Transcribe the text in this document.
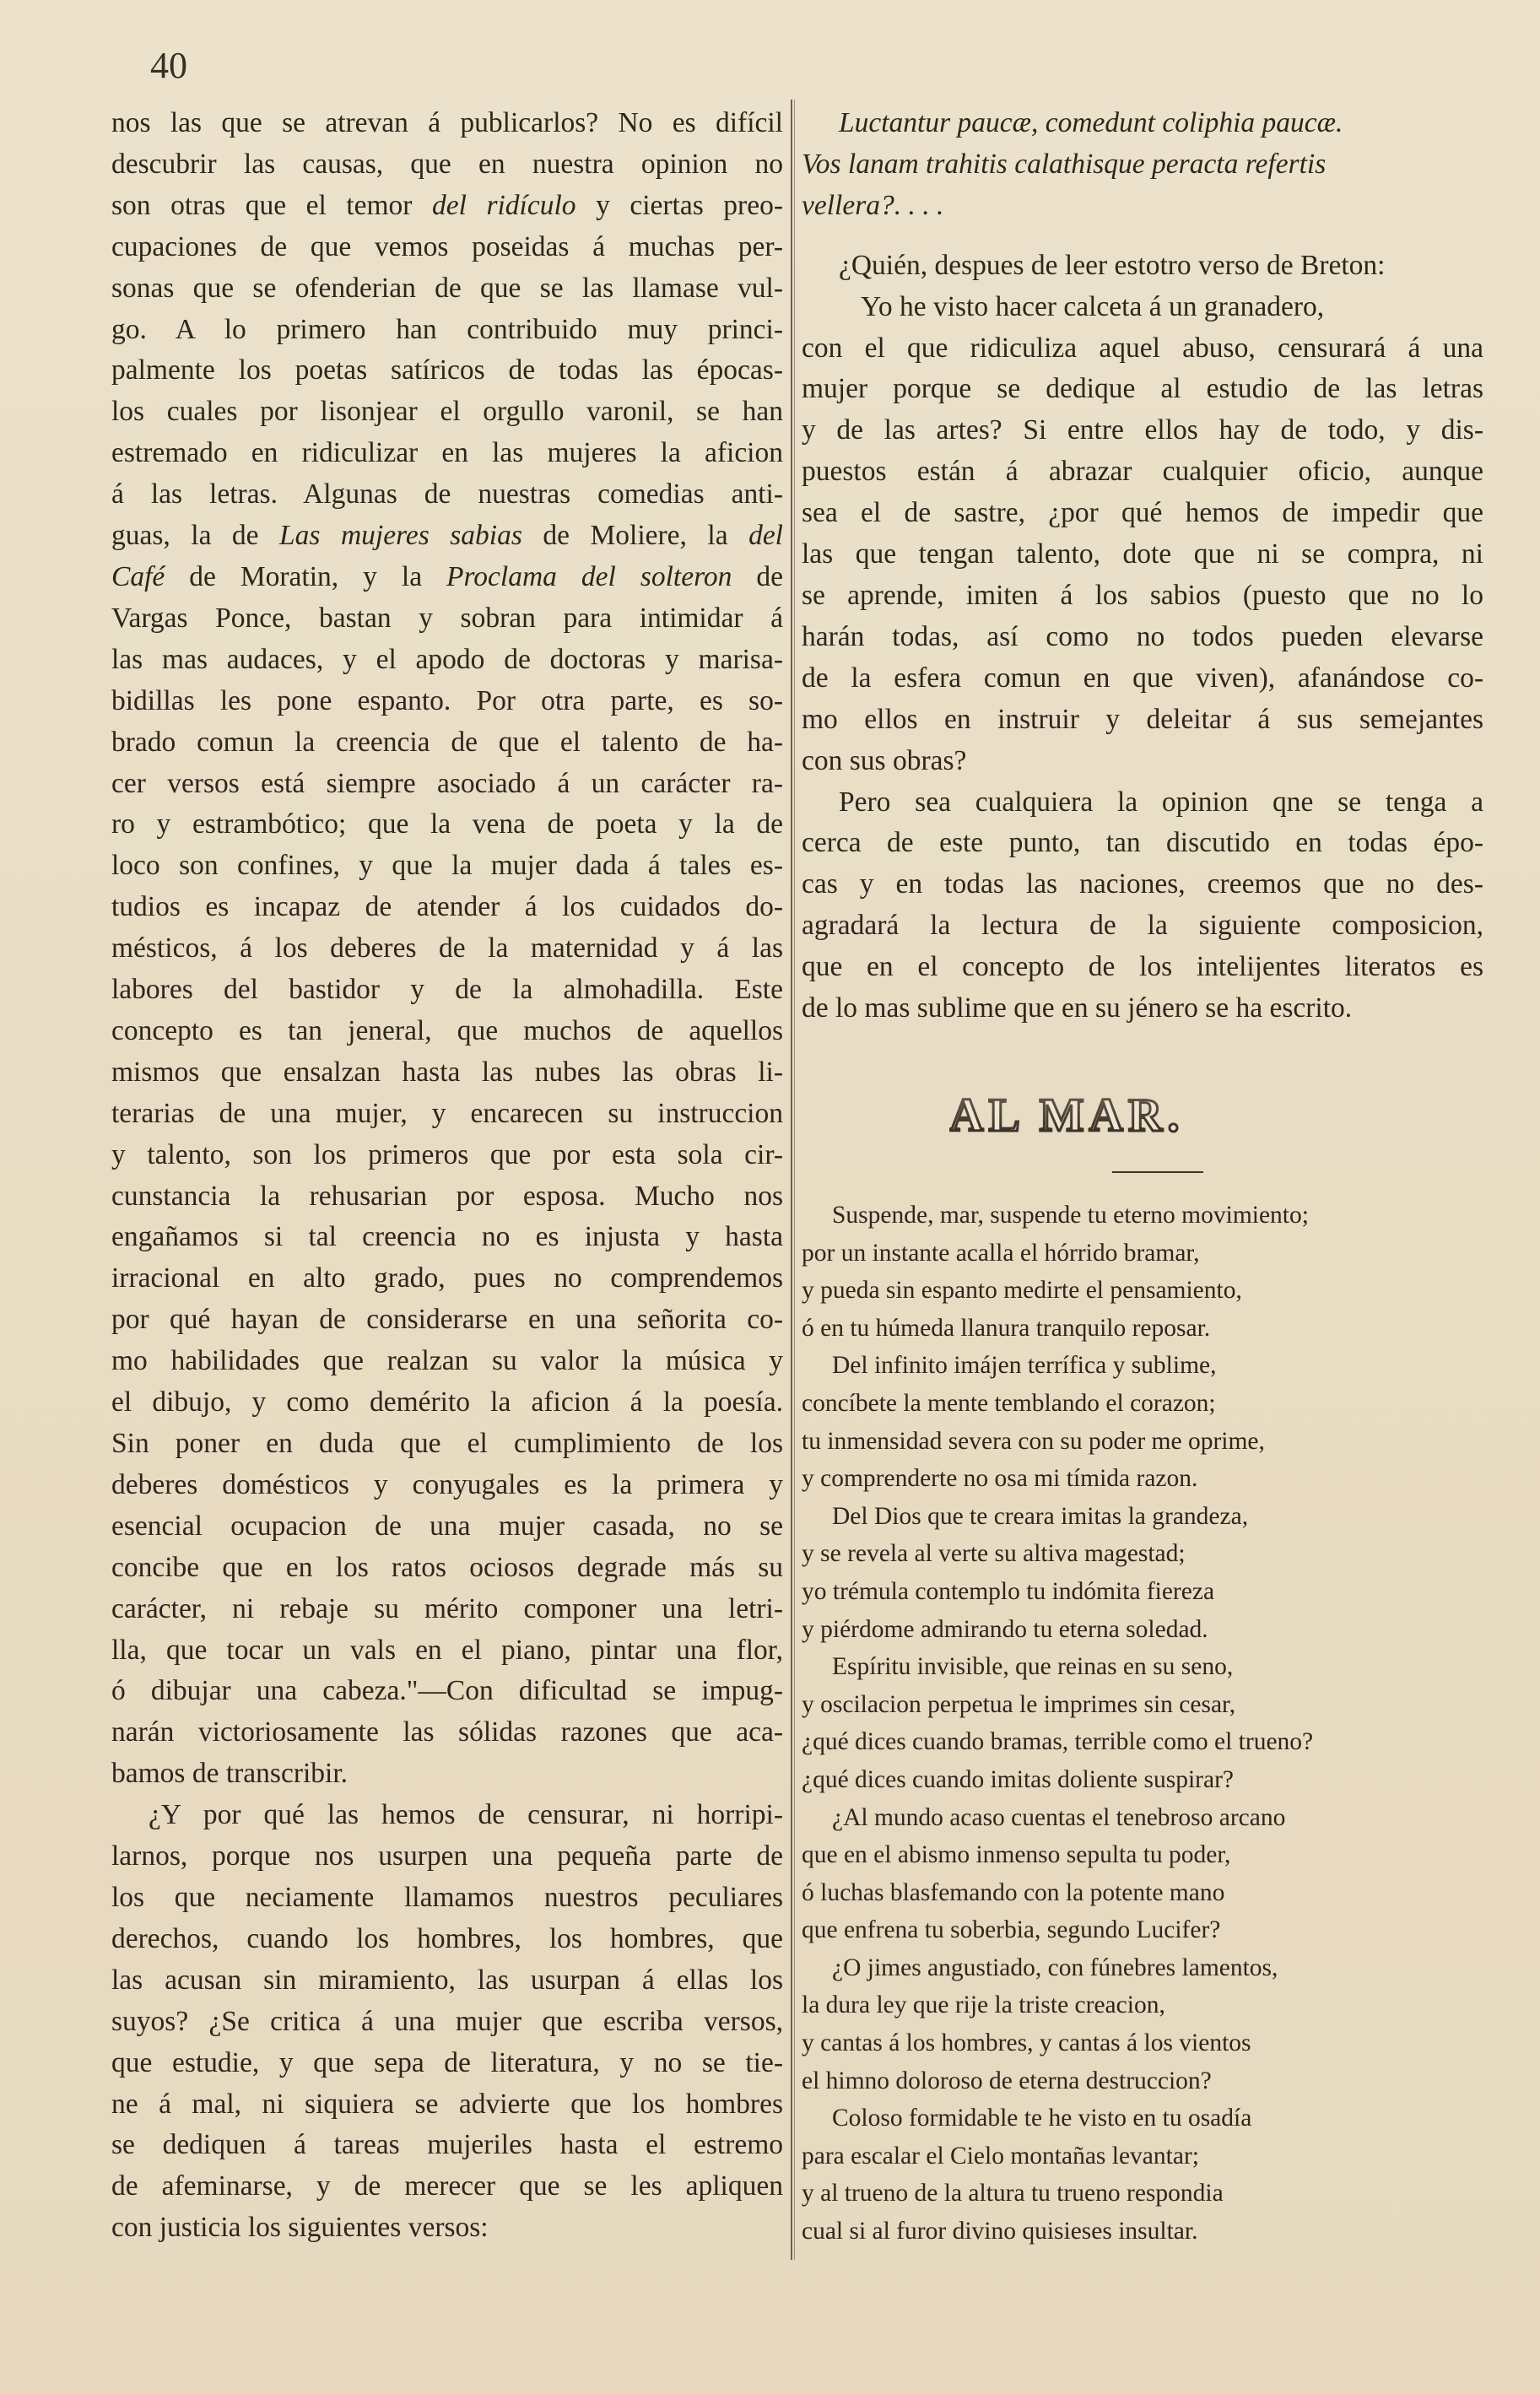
40
nos las que se atrevan á publicarlos? No es difícil
descubrir las causas, que en nuestra opinion no
son otras que el temor del ridículo y ciertas preo-
cupaciones de que vemos poseidas á muchas per-
sonas que se ofenderian de que se las llamase vul-
go. A lo primero han contribuido muy princi-
palmente los poetas satíricos de todas las épocas-
los cuales por lisonjear el orgullo varonil, se han
estremado en ridiculizar en las mujeres la aficion
á las letras. Algunas de nuestras comedias anti-
guas, la de Las mujeres sabias de Moliere, la del
Café de Moratin, y la Proclama del solteron de
Vargas Ponce, bastan y sobran para intimidar á
las mas audaces, y el apodo de doctoras y marisa-
bidillas les pone espanto. Por otra parte, es so-
brado comun la creencia de que el talento de ha-
cer versos está siempre asociado á un carácter ra-
ro y estrambótico; que la vena de poeta y la de
loco son confines, y que la mujer dada á tales es-
tudios es incapaz de atender á los cuidados do-
mésticos, á los deberes de la maternidad y á las
labores del bastidor y de la almohadilla. Este
concepto es tan jeneral, que muchos de aquellos
mismos que ensalzan hasta las nubes las obras li-
terarias de una mujer, y encarecen su instruccion
y talento, son los primeros que por esta sola cir-
cunstancia la rehusarian por esposa. Mucho nos
engañamos si tal creencia no es injusta y hasta
irracional en alto grado, pues no comprendemos
por qué hayan de considerarse en una señorita co-
mo habilidades que realzan su valor la música y
el dibujo, y como demérito la aficion á la poesía.
Sin poner en duda que el cumplimiento de los
deberes domésticos y conyugales es la primera y
esencial ocupacion de una mujer casada, no se
concibe que en los ratos ociosos degrade más su
carácter, ni rebaje su mérito componer una letri-
lla, que tocar un vals en el piano, pintar una flor,
ó dibujar una cabeza."—Con dificultad se impug-
narán victoriosamente las sólidas razones que aca-
bamos de transcribir.
¿Y por qué las hemos de censurar, ni horripi-
larnos, porque nos usurpen una pequeña parte de
los que neciamente llamamos nuestros peculiares
derechos, cuando los hombres, los hombres, que
las acusan sin miramiento, las usurpan á ellas los
suyos? ¿Se critica á una mujer que escriba versos,
que estudie, y que sepa de literatura, y no se tie-
ne á mal, ni siquiera se advierte que los hombres
se dediquen á tareas mujeriles hasta el estremo
de afeminarse, y de merecer que se les apliquen
con justicia los siguientes versos:
Luctantur paucæ, comedunt coliphia paucæ.
Vos lanam trahitis calathisque peracta refertis
vellera?. . . .
¿Quién, despues de leer estotro verso de Breton:
Yo he visto hacer calceta á un granadero,
con el que ridiculiza aquel abuso, censurará á una
mujer porque se dedique al estudio de las letras
y de las artes? Si entre ellos hay de todo, y dis-
puestos están á abrazar cualquier oficio, aunque
sea el de sastre, ¿por qué hemos de impedir que
las que tengan talento, dote que ni se compra, ni
se aprende, imiten á los sabios (puesto que no lo
harán todas, así como no todos pueden elevarse
de la esfera comun en que viven), afanándose co-
mo ellos en instruir y deleitar á sus semejantes
con sus obras?
Pero sea cualquiera la opinion qne se tenga a
cerca de este punto, tan discutido en todas épo-
cas y en todas las naciones, creemos que no des-
agradará la lectura de la siguiente composicion,
que en el concepto de los intelijentes literatos es
de lo mas sublime que en su jénero se ha escrito.
AL MAR.
Suspende, mar, suspende tu eterno movimiento;
por un instante acalla el hórrido bramar,
y pueda sin espanto medirte el pensamiento,
ó en tu húmeda llanura tranquilo reposar.
Del infinito imájen terrífica y sublime,
concíbete la mente temblando el corazon;
tu inmensidad severa con su poder me oprime,
y comprenderte no osa mi tímida razon.
Del Dios que te creara imitas la grandeza,
y se revela al verte su altiva magestad;
yo trémula contemplo tu indómita fiereza
y piérdome admirando tu eterna soledad.
Espíritu invisible, que reinas en su seno,
y oscilacion perpetua le imprimes sin cesar,
¿qué dices cuando bramas, terrible como el trueno?
¿qué dices cuando imitas doliente suspirar?
¿Al mundo acaso cuentas el tenebroso arcano
que en el abismo inmenso sepulta tu poder,
ó luchas blasfemando con la potente mano
que enfrena tu soberbia, segundo Lucifer?
¿O jimes angustiado, con fúnebres lamentos,
la dura ley que rije la triste creacion,
y cantas á los hombres, y cantas á los vientos
el himno doloroso de eterna destruccion?
Coloso formidable te he visto en tu osadía
para escalar el Cielo montañas levantar;
y al trueno de la altura tu trueno respondia
cual si al furor divino quisieses insultar.
